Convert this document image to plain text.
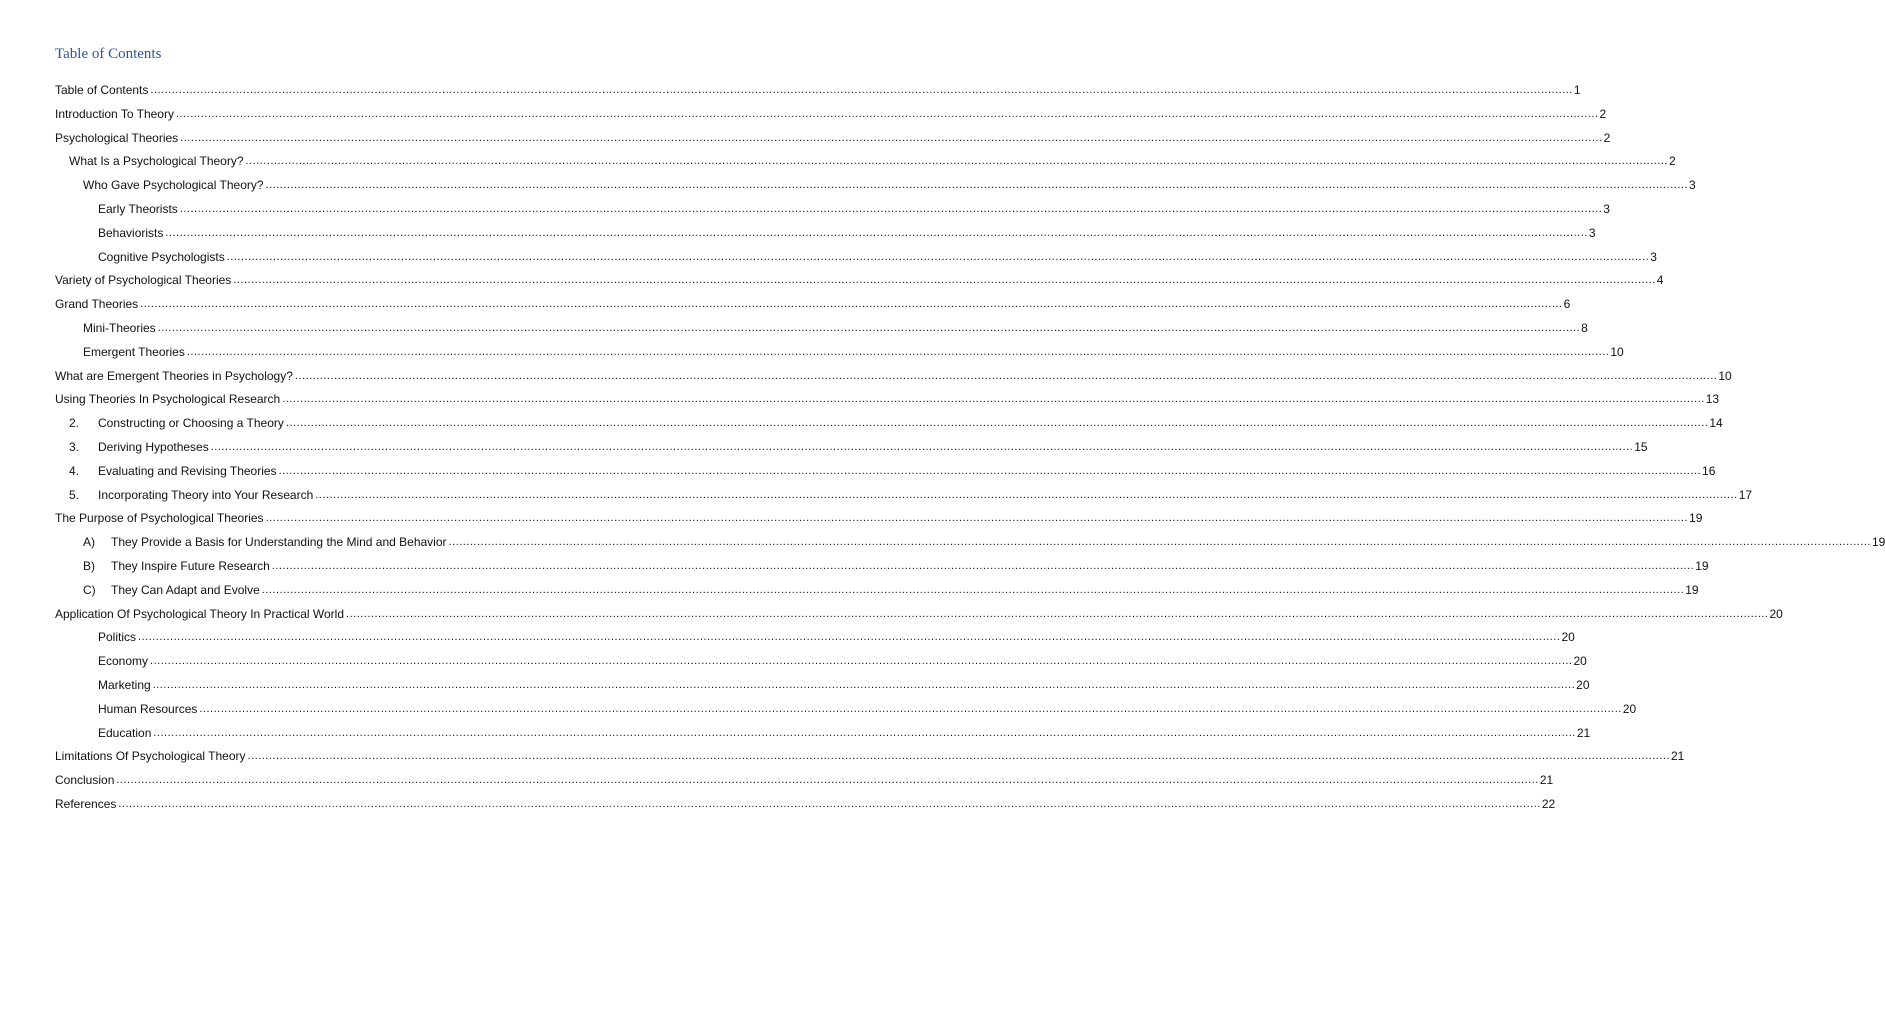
Table of Contents
Table of Contents ................................................................................................................................................................................................................................................................................................................................................................................................................ 1
Introduction To Theory ................................................................................................................................................................................................................................................................................................................................................................................................................ 2
Psychological Theories ................................................................................................................................................................................................................................................................................................................................................................................................................ 2
What Is a Psychological Theory? ................................................................................................................................................................................................................................................................................................................................................................................................................ 2
Who Gave Psychological Theory? ................................................................................................................................................................................................................................................................................................................................................................................................................ 3
Early Theorists ................................................................................................................................................................................................................................................................................................................................................................................................................ 3
Behaviorists ................................................................................................................................................................................................................................................................................................................................................................................................................ 3
Cognitive Psychologists ................................................................................................................................................................................................................................................................................................................................................................................................................ 3
Variety of Psychological Theories ................................................................................................................................................................................................................................................................................................................................................................................................................ 4
Grand Theories ................................................................................................................................................................................................................................................................................................................................................................................................................ 6
Mini-Theories ................................................................................................................................................................................................................................................................................................................................................................................................................ 8
Emergent Theories ................................................................................................................................................................................................................................................................................................................................................................................................................ 10
What are Emergent Theories in Psychology? ................................................................................................................................................................................................................................................................................................................................................................................................................ 10
Using Theories In Psychological Research ................................................................................................................................................................................................................................................................................................................................................................................................................ 13
2. Constructing or Choosing a Theory ................................................................................................................................................................................................................................................................................................................................................................................................................ 14
3. Deriving Hypotheses ................................................................................................................................................................................................................................................................................................................................................................................................................ 15
4. Evaluating and Revising Theories ................................................................................................................................................................................................................................................................................................................................................................................................................ 16
5. Incorporating Theory into Your Research ................................................................................................................................................................................................................................................................................................................................................................................................................ 17
The Purpose of Psychological Theories ................................................................................................................................................................................................................................................................................................................................................................................................................ 19
A) They Provide a Basis for Understanding the Mind and Behavior ................................................................................................................................................................................................................................................................................................................................................................................................................ 19
B) They Inspire Future Research ................................................................................................................................................................................................................................................................................................................................................................................................................ 19
C) They Can Adapt and Evolve ................................................................................................................................................................................................................................................................................................................................................................................................................ 19
Application Of Psychological Theory In Practical World ................................................................................................................................................................................................................................................................................................................................................................................................................ 20
Politics ................................................................................................................................................................................................................................................................................................................................................................................................................ 20
Economy ................................................................................................................................................................................................................................................................................................................................................................................................................ 20
Marketing ................................................................................................................................................................................................................................................................................................................................................................................................................ 20
Human Resources ................................................................................................................................................................................................................................................................................................................................................................................................................ 20
Education ................................................................................................................................................................................................................................................................................................................................................................................................................ 21
Limitations Of Psychological Theory ................................................................................................................................................................................................................................................................................................................................................................................................................ 21
Conclusion ................................................................................................................................................................................................................................................................................................................................................................................................................ 21
References ................................................................................................................................................................................................................................................................................................................................................................................................................ 22
